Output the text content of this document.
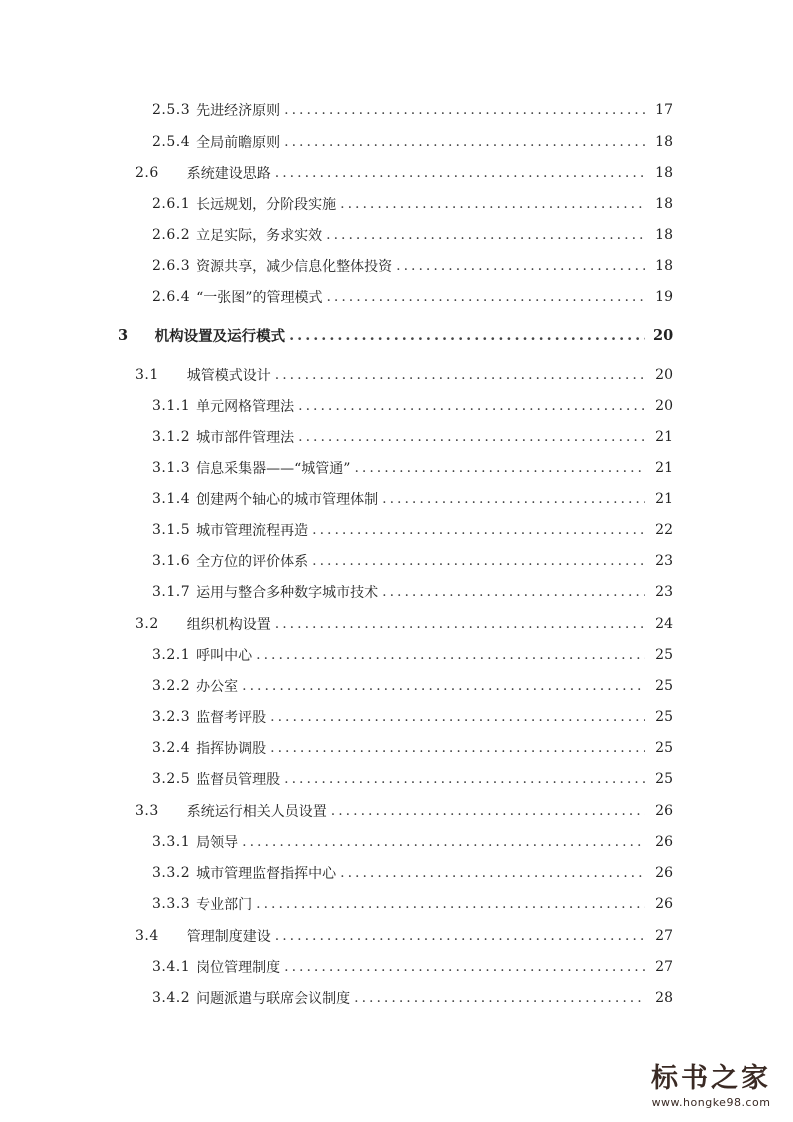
2.5.3 先进经济原则 .....	17
2.5.4 全局前瞻原则 .....	18
2.6 系统建设思路 .....	18
2.6.1 长远规划，分阶段实施 .....	18
2.6.2 立足实际，务求实效 .....	18
2.6.3 资源共享，减少信息化整体投资 .....	18
2.6.4 “一张图”的管理模式 .....	19
3 机构设置及运行模式 .....	20
3.1 城管模式设计 .....	20
3.1.1 单元网格管理法 .....	20
3.1.2 城市部件管理法 .....	21
3.1.3 信息采集器——“城管通” .....	21
3.1.4 创建两个轴心的城市管理体制 .....	21
3.1.5 城市管理流程再造 .....	22
3.1.6 全方位的评价体系 .....	23
3.1.7 运用与整合多种数字城市技术 .....	23
3.2 组织机构设置 .....	24
3.2.1 呼叫中心 .....	25
3.2.2 办公室 .....	25
3.2.3 监督考评股 .....	25
3.2.4 指挥协调股 .....	25
3.2.5 监督员管理股 .....	25
3.3 系统运行相关人员设置 .....	26
3.3.1 局领导 .....	26
3.3.2 城市管理监督指挥中心 .....	26
3.3.3 专业部门 .....	26
3.4 管理制度建设 .....	27
3.4.1 岗位管理制度 .....	27
3.4.2 问题派遣与联席会议制度 .....	28
标书之家
www.hongke98.com
